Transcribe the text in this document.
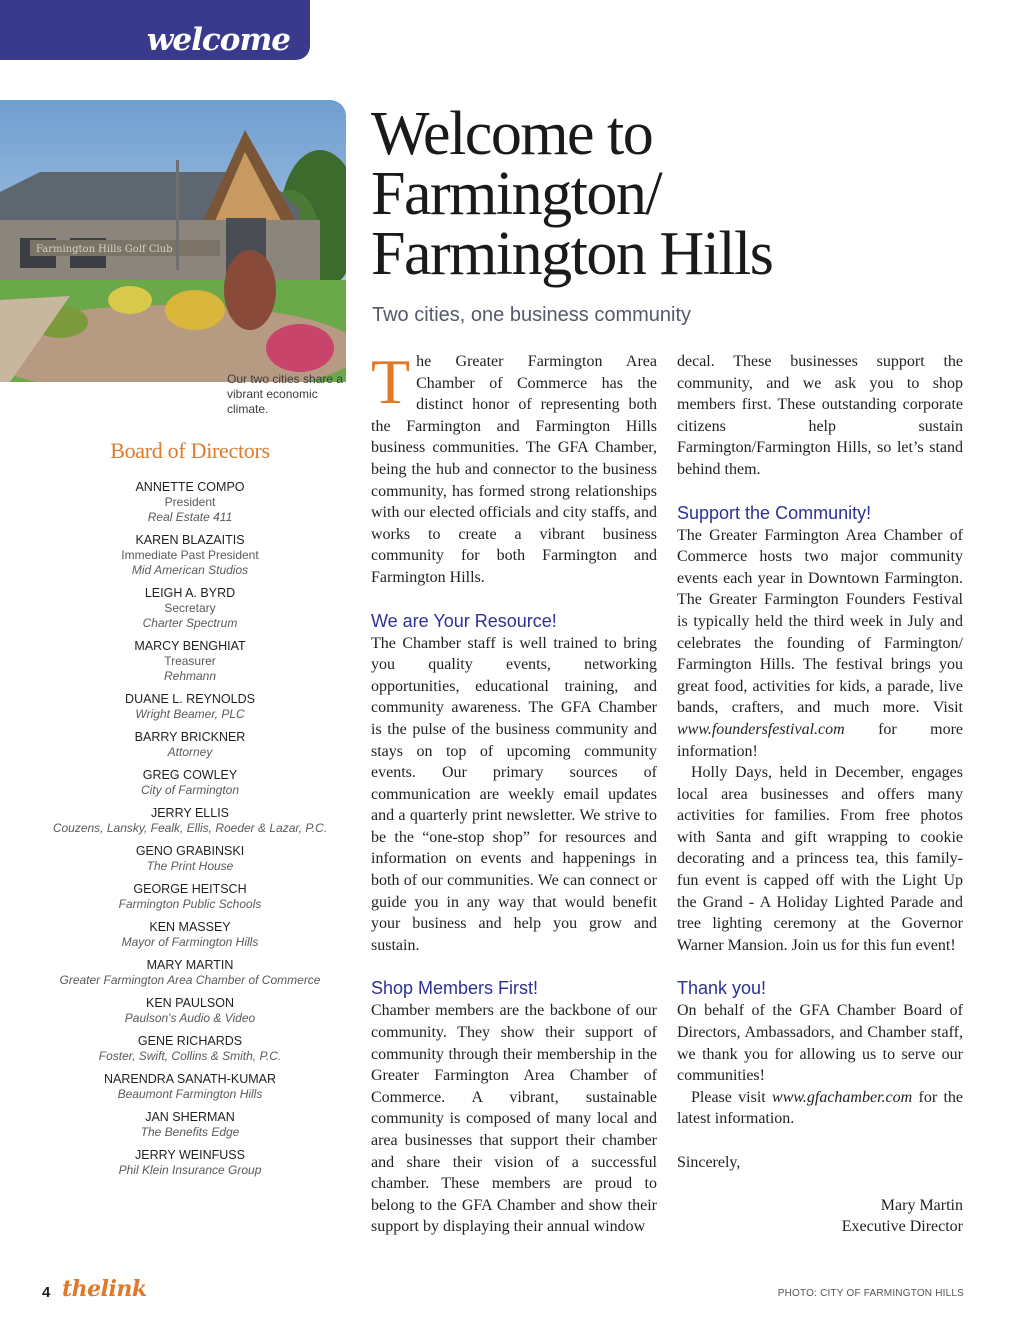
welcome
Farmington Hills Golf Club
Our two cities share a vibrant economic climate.
Welcome to
Farmington/
Farmington Hills
Two cities, one business community
Board of Directors
ANNETTE COMPO
President
Real Estate 411
KAREN BLAZAITIS
Immediate Past President
Mid American Studios
LEIGH A. BYRD
Secretary
Charter Spectrum
MARCY BENGHIAT
Treasurer
Rehmann
DUANE L. REYNOLDS
Wright Beamer, PLC
BARRY BRICKNER
Attorney
GREG COWLEY
City of Farmington
JERRY ELLIS
Couzens, Lansky, Fealk, Ellis, Roeder & Lazar, P.C.
GENO GRABINSKI
The Print House
GEORGE HEITSCH
Farmington Public Schools
KEN MASSEY
Mayor of Farmington Hills
MARY MARTIN
Greater Farmington Area Chamber of Commerce
KEN PAULSON
Paulson's Audio & Video
GENE RICHARDS
Foster, Swift, Collins & Smith, P.C.
NARENDRA SANATH-KUMAR
Beaumont Farmington Hills
JAN SHERMAN
The Benefits Edge
JERRY WEINFUSS
Phil Klein Insurance Group

The Greater Farmington Area Chamber of Commerce has the distinct honor of representing both the Farmington and Farmington Hills business communities. The GFA Chamber, being the hub and connector to the business community, has formed strong relationships with our elected officials and city staffs, and works to create a vibrant business community for both Farmington and Farmington Hills.

We are Your Resource!

The Chamber staff is well trained to bring you quality events, networking opportunities, educational training, and community awareness. The GFA Chamber is the pulse of the business community and stays on top of upcoming community events. Our primary sources of communication are weekly email updates and a quarterly print newsletter. We strive to be the “one-stop shop” for resources and information on events and happenings in both of our communities. We can connect or guide you in any way that would benefit your business and help you grow and sustain.

Shop Members First!

Chamber members are the backbone of our community. They show their support of community through their membership in the Greater Farmington Area Chamber of Commerce. A vibrant, sustainable community is composed of many local and area businesses that support their chamber and share their vision of a successful chamber. These members are proud to belong to the GFA Chamber and show their support by displaying their annual window

decal. These businesses support the community, and we ask you to shop members first. These outstanding corporate citizens help sustain Farmington/Farmington Hills, so let’s stand behind them.

Support the Community!

The Greater Farmington Area Chamber of Commerce hosts two major community events each year in Downtown Farmington. The Greater Farmington Founders Festival is typically held the third week in July and celebrates the founding of Farmington/ Farmington Hills. The festival brings you great food, activities for kids, a parade, live bands, crafters, and much more. Visit www.foundersfestival.com for more information!

Holly Days, held in December, engages local area businesses and offers many activities for families. From free photos with Santa and gift wrapping to cookie decorating and a princess tea, this family-fun event is capped off with the Light Up the Grand - A Holiday Lighted Parade and tree lighting ceremony at the Governor Warner Mansion. Join us for this fun event!

Thank you!

On behalf of the GFA Chamber Board of Directors, Ambassadors, and Chamber staff, we thank you for allowing us to serve our communities!

Please visit www.gfachamber.com for the latest information.

Sincerely,

Mary Martin

Executive Director

4 thelink	PHOTO: CITY OF FARMINGTON HILLS
